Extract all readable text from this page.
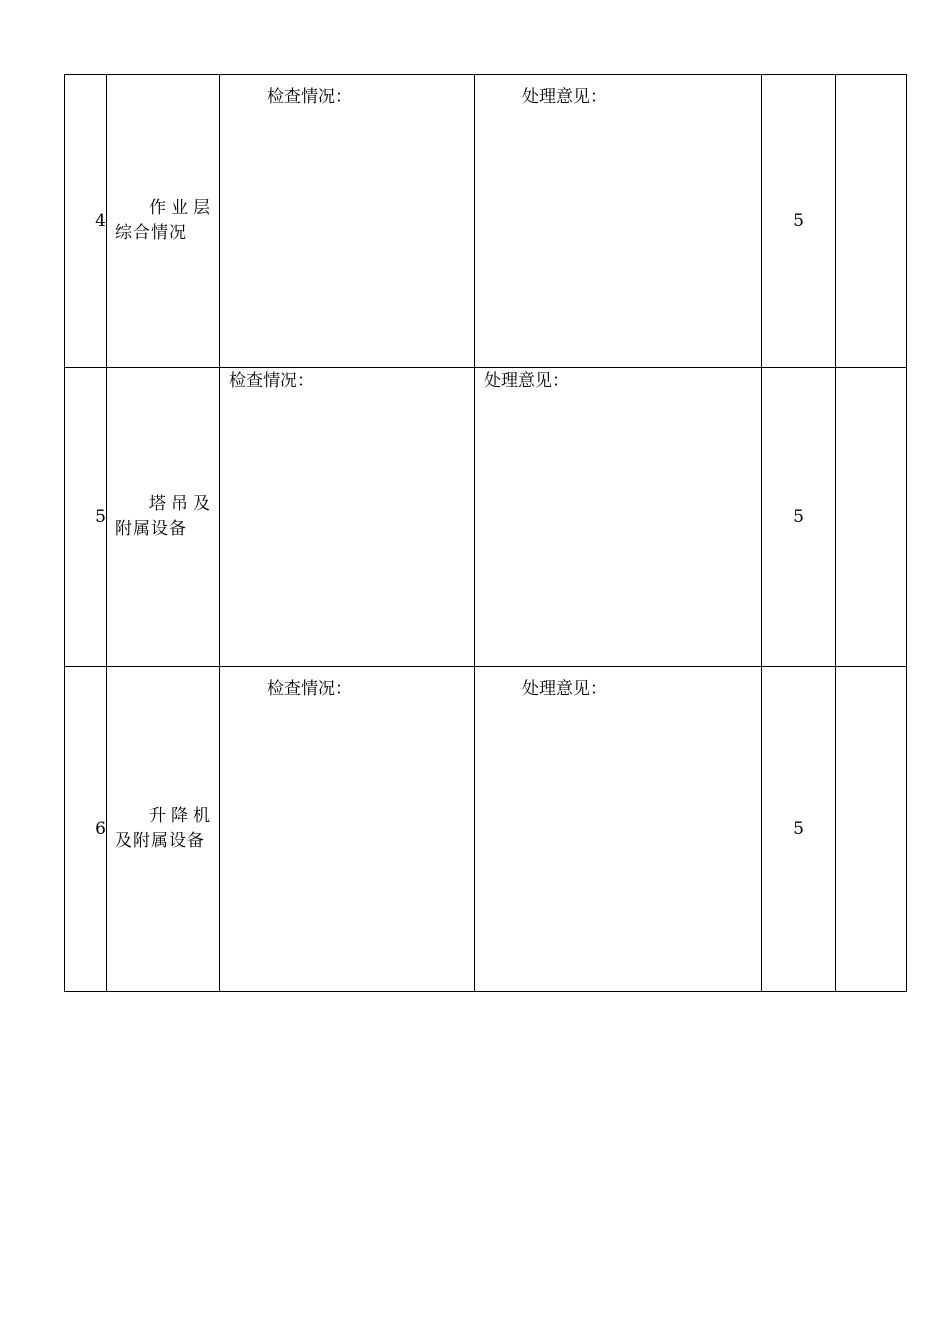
4	作业层综合情况	检查情况：	处理意见：	5	
5	塔吊及附属设备	检查情况：	处理意见：	5	
6	升降机及附属设备	检查情况：	处理意见：	5	
